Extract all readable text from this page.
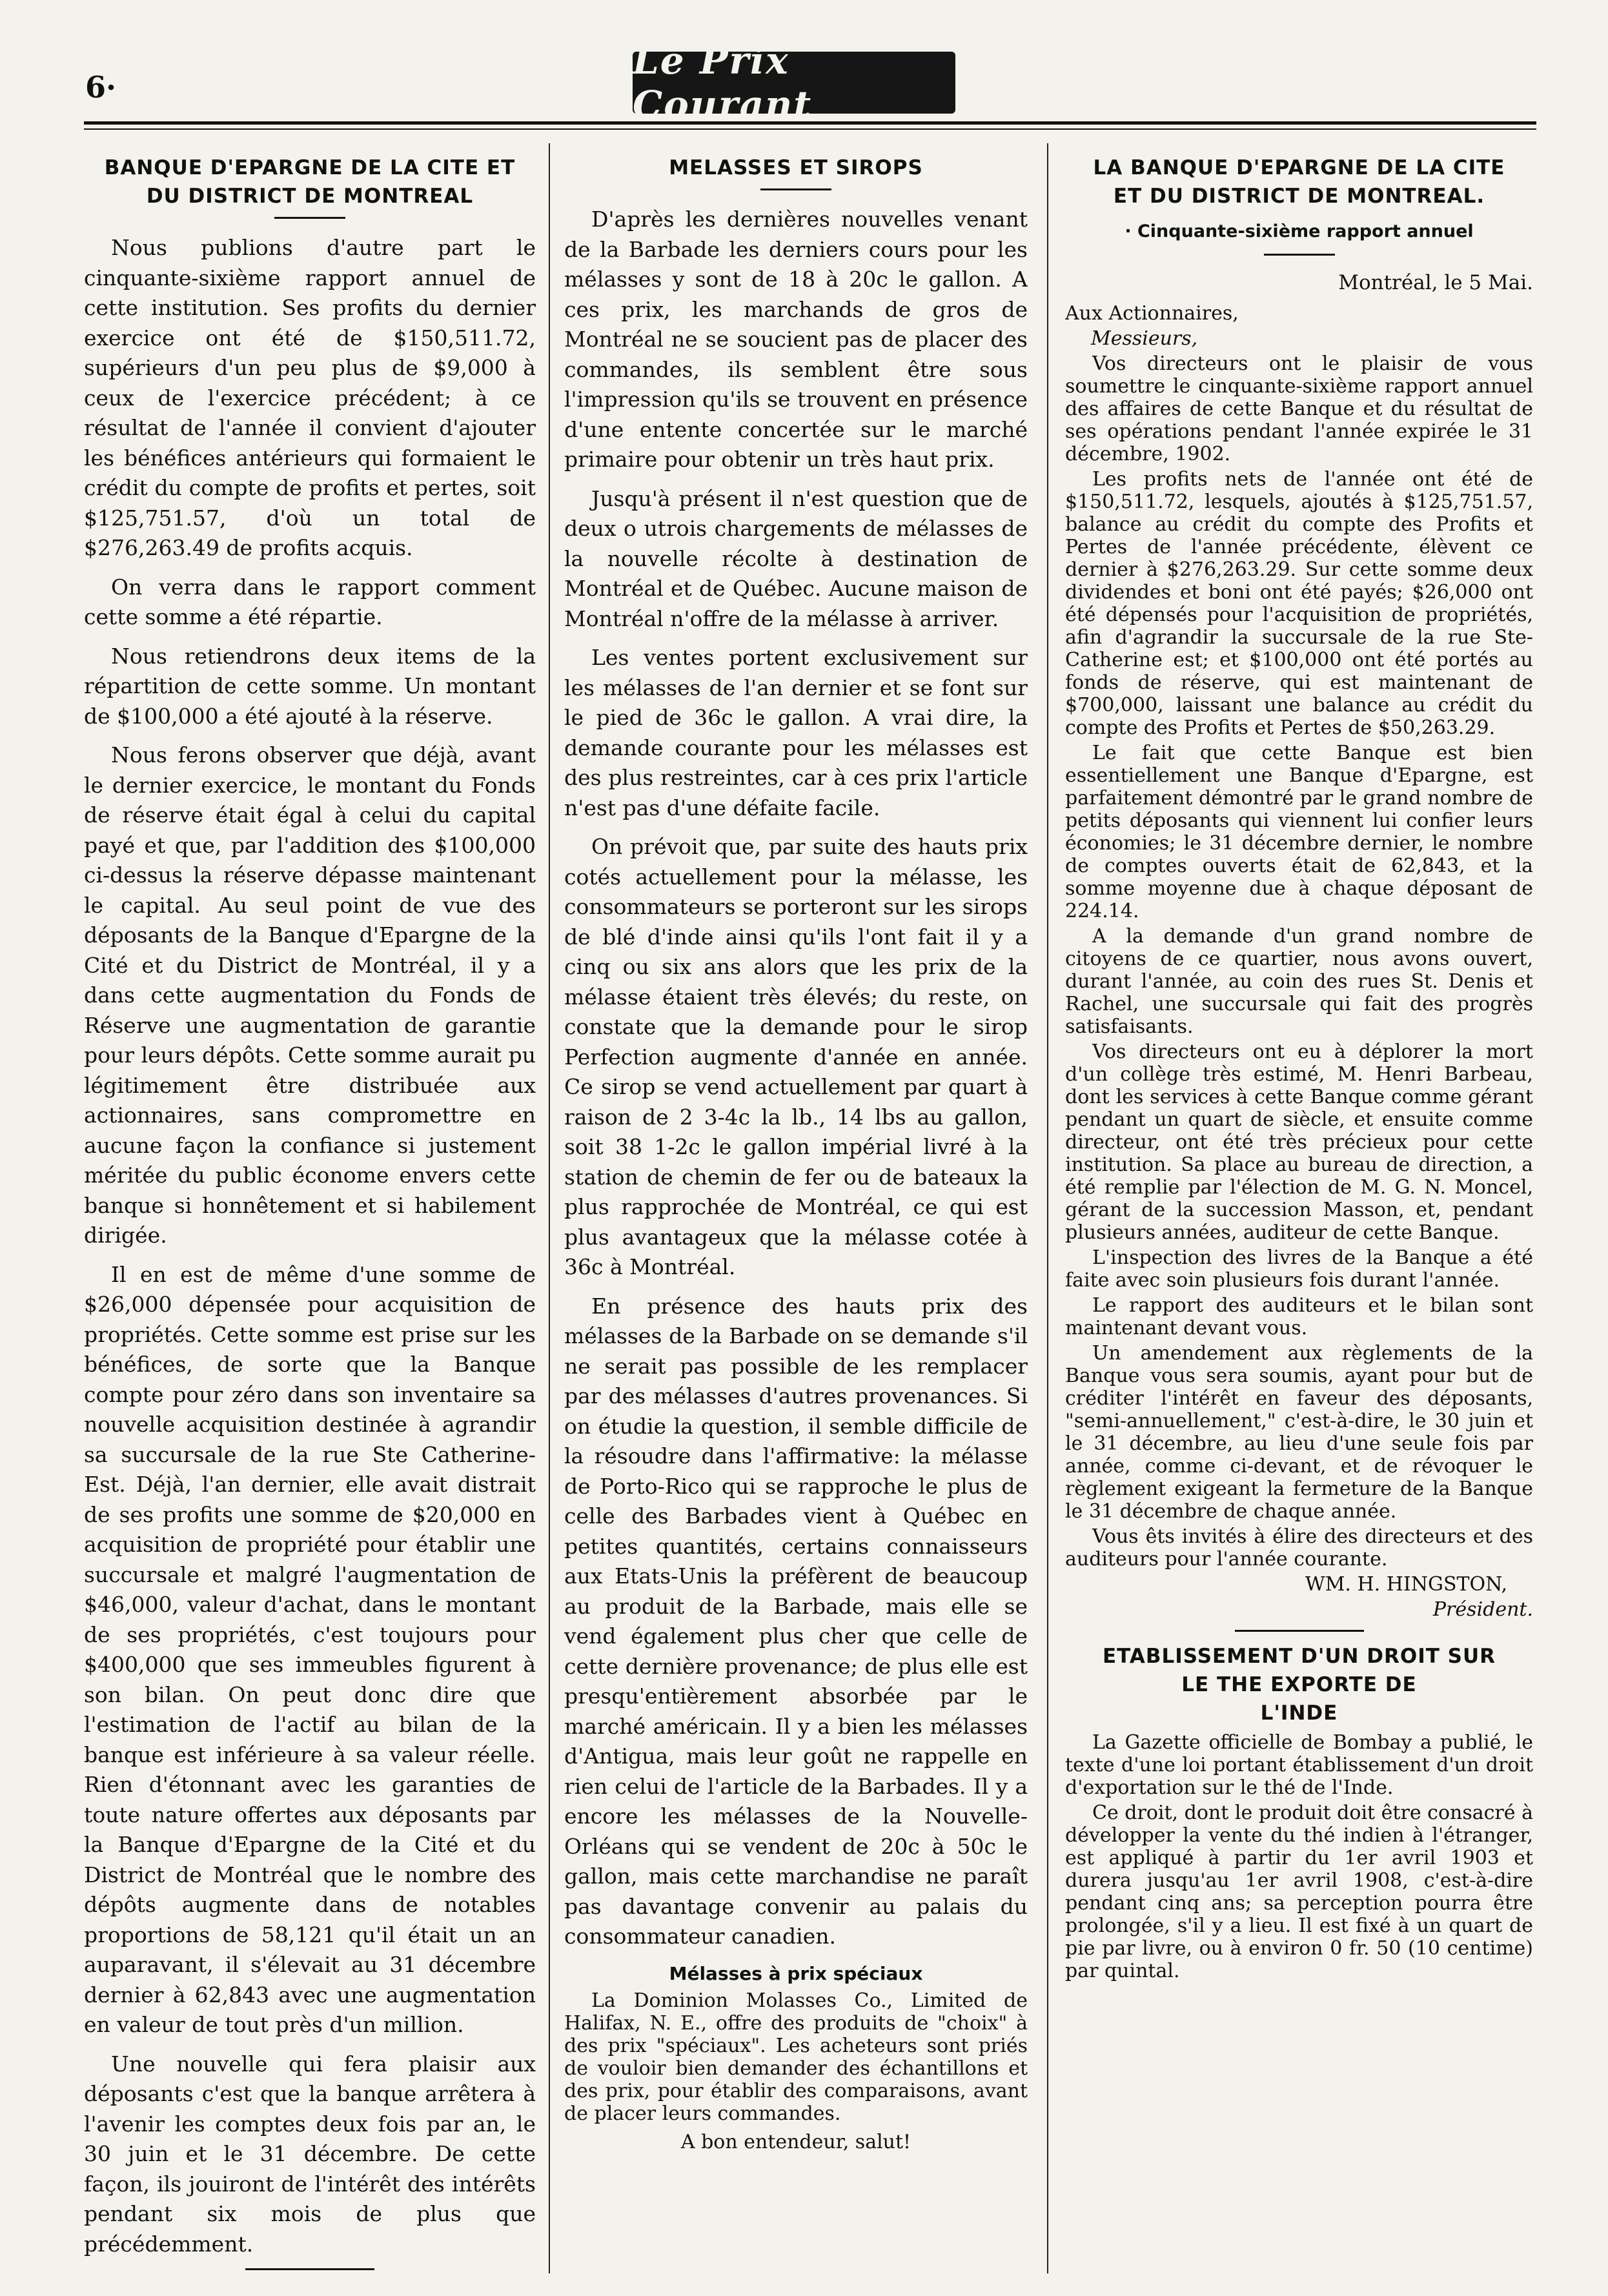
6·
Le Prix Courant
BANQUE D'EPARGNE DE LA CITE ET
DU DISTRICT DE MONTREAL

Nous publions d'autre part le cinquante-sixième rapport annuel de cette institution. Ses profits du dernier exercice ont été de $150,511.72, supérieurs d'un peu plus de $9,000 à ceux de l'exercice précédent; à ce résultat de l'année il convient d'ajouter les bénéfices antérieurs qui formaient le crédit du compte de profits et pertes, soit $125,751.57, d'où un total de $276,263.49 de profits acquis.

On verra dans le rapport comment cette somme a été répartie.

Nous retiendrons deux items de la répartition de cette somme. Un montant de $100,000 a été ajouté à la réserve.

Nous ferons observer que déjà, avant le dernier exercice, le montant du Fonds de réserve était égal à celui du capital payé et que, par l'addition des $100,000 ci-dessus la réserve dépasse maintenant le capital. Au seul point de vue des déposants de la Banque d'Epargne de la Cité et du District de Montréal, il y a dans cette augmentation du Fonds de Réserve une augmentation de garantie pour leurs dépôts. Cette somme aurait pu légitimement être distribuée aux actionnaires, sans compromettre en aucune façon la confiance si justement méritée du public économe envers cette banque si honnêtement et si habilement dirigée.

Il en est de même d'une somme de $26,000 dépensée pour acquisition de propriétés. Cette somme est prise sur les bénéfices, de sorte que la Banque compte pour zéro dans son inventaire sa nouvelle acquisition destinée à agrandir sa succursale de la rue Ste Catherine-Est. Déjà, l'an dernier, elle avait distrait de ses profits une somme de $20,000 en acquisition de propriété pour établir une succursale et malgré l'augmentation de $46,000, valeur d'achat, dans le montant de ses propriétés, c'est toujours pour $400,000 que ses immeubles figurent à son bilan. On peut donc dire que l'estimation de l'actif au bilan de la banque est inférieure à sa valeur réelle. Rien d'étonnant avec les garanties de toute nature offertes aux déposants par la Banque d'Epargne de la Cité et du District de Montréal que le nombre des dépôts augmente dans de notables proportions de 58,121 qu'il était un an auparavant, il s'élevait au 31 décembre dernier à 62,843 avec une augmentation en valeur de tout près d'un million.

Une nouvelle qui fera plaisir aux déposants c'est que la banque arrêtera à l'avenir les comptes deux fois par an, le 30 juin et le 31 décembre. De cette façon, ils jouiront de l'intérêt des intérêts pendant six mois de plus que précédemment.

MELASSES ET SIROPS

D'après les dernières nouvelles venant de la Barbade les derniers cours pour les mélasses y sont de 18 à 20c le gallon. A ces prix, les marchands de gros de Montréal ne se soucient pas de placer des commandes, ils semblent être sous l'impression qu'ils se trouvent en présence d'une entente concertée sur le marché primaire pour obtenir un très haut prix.

Jusqu'à présent il n'est question que de deux o utrois chargements de mélasses de la nouvelle récolte à destination de Montréal et de Québec. Aucune maison de Montréal n'offre de la mélasse à arriver.

Les ventes portent exclusivement sur les mélasses de l'an dernier et se font sur le pied de 36c le gallon. A vrai dire, la demande courante pour les mélasses est des plus restreintes, car à ces prix l'article n'est pas d'une défaite facile.

On prévoit que, par suite des hauts prix cotés actuellement pour la mélasse, les consommateurs se porteront sur les sirops de blé d'inde ainsi qu'ils l'ont fait il y a cinq ou six ans alors que les prix de la mélasse étaient très élevés; du reste, on constate que la demande pour le sirop Perfection augmente d'année en année. Ce sirop se vend actuellement par quart à raison de 2 3-4c la lb., 14 lbs au gallon, soit 38 1-2c le gallon impérial livré à la station de chemin de fer ou de bateaux la plus rapprochée de Montréal, ce qui est plus avantageux que la mélasse cotée à 36c à Montréal.

En présence des hauts prix des mélasses de la Barbade on se demande s'il ne serait pas possible de les remplacer par des mélasses d'autres provenances. Si on étudie la question, il semble difficile de la résoudre dans l'affirmative: la mélasse de Porto-Rico qui se rapproche le plus de celle des Barbades vient à Québec en petites quantités, certains connaisseurs aux Etats-Unis la préfèrent de beaucoup au produit de la Barbade, mais elle se vend également plus cher que celle de cette dernière provenance; de plus elle est presqu'entièrement absorbée par le marché américain. Il y a bien les mélasses d'Antigua, mais leur goût ne rappelle en rien celui de l'article de la Barbades. Il y a encore les mélasses de la Nouvelle-Orléans qui se vendent de 20c à 50c le gallon, mais cette marchandise ne paraît pas davantage convenir au palais du consommateur canadien.

Mélasses à prix spéciaux

La Dominion Molasses Co., Limited de Halifax, N. E., offre des produits de "choix" à des prix "spéciaux". Les acheteurs sont priés de vouloir bien demander des échantillons et des prix, pour établir des comparaisons, avant de placer leurs commandes.

A bon entendeur, salut!

LA BANQUE D'EPARGNE DE LA CITE
ET DU DISTRICT DE MONTREAL.
· Cinquante-sixième rapport annuel
Montréal, le 5 Mai.

Aux Actionnaires,

Messieurs,

Vos directeurs ont le plaisir de vous soumettre le cinquante-sixième rapport annuel des affaires de cette Banque et du résultat de ses opérations pendant l'année expirée le 31 décembre, 1902.

Les profits nets de l'année ont été de $150,511.72, lesquels, ajoutés à $125,751.57, balance au crédit du compte des Profits et Pertes de l'année précédente, élèvent ce dernier à $276,263.29. Sur cette somme deux dividendes et boni ont été payés; $26,000 ont été dépensés pour l'acquisition de propriétés, afin d'agrandir la succursale de la rue Ste-Catherine est; et $100,000 ont été portés au fonds de réserve, qui est maintenant de $700,000, laissant une balance au crédit du compte des Profits et Pertes de $50,263.29.

Le fait que cette Banque est bien essentiellement une Banque d'Epargne, est parfaitement démontré par le grand nombre de petits déposants qui viennent lui confier leurs économies; le 31 décembre dernier, le nombre de comptes ouverts était de 62,843, et la somme moyenne due à chaque déposant de 224.14.

A la demande d'un grand nombre de citoyens de ce quartier, nous avons ouvert, durant l'année, au coin des rues St. Denis et Rachel, une succursale qui fait des progrès satisfaisants.

Vos directeurs ont eu à déplorer la mort d'un collège très estimé, M. Henri Barbeau, dont les services à cette Banque comme gérant pendant un quart de siècle, et ensuite comme directeur, ont été très précieux pour cette institution. Sa place au bureau de direction, a été remplie par l'élection de M. G. N. Moncel, gérant de la succession Masson, et, pendant plusieurs années, auditeur de cette Banque.

L'inspection des livres de la Banque a été faite avec soin plusieurs fois durant l'année.

Le rapport des auditeurs et le bilan sont maintenant devant vous.

Un amendement aux règlements de la Banque vous sera soumis, ayant pour but de créditer l'intérêt en faveur des déposants, "semi-annuellement," c'est-à-dire, le 30 juin et le 31 décembre, au lieu d'une seule fois par année, comme ci-devant, et de révoquer le règlement exigeant la fermeture de la Banque le 31 décembre de chaque année.

Vous êts invités à élire des directeurs et des auditeurs pour l'année courante.

WM. H. HINGSTON,

Président.

ETABLISSEMENT D'UN DROIT SUR
LE THE EXPORTE DE
L'INDE

La Gazette officielle de Bombay a publié, le texte d'une loi portant établissement d'un droit d'exportation sur le thé de l'Inde.

Ce droit, dont le produit doit être consacré à développer la vente du thé indien à l'étranger, est appliqué à partir du 1er avril 1903 et durera jusqu'au 1er avril 1908, c'est-à-dire pendant cinq ans; sa perception pourra être prolongée, s'il y a lieu. Il est fixé à un quart de pie par livre, ou à environ 0 fr. 50 (10 centime) par quintal.
